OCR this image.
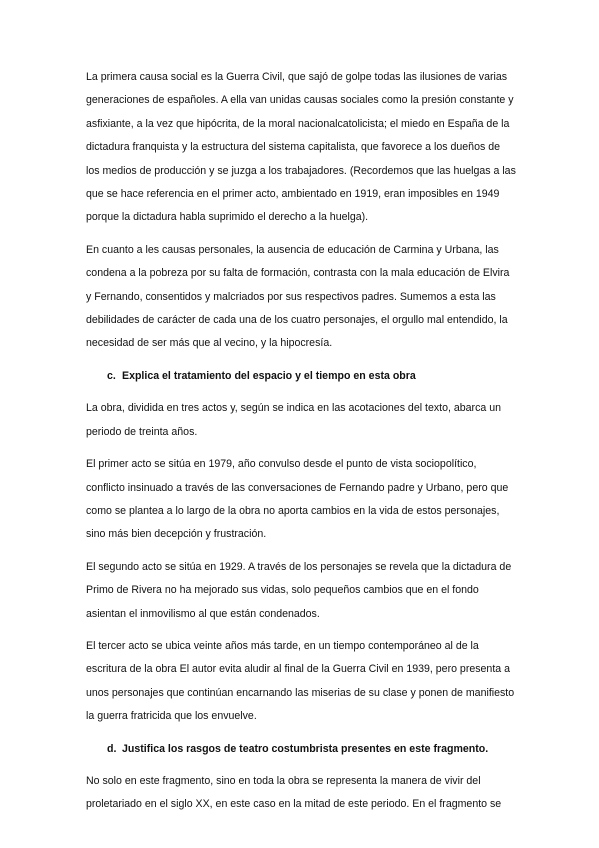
La primera causa social es la Guerra Civil, que sajó de golpe todas las ilusiones de varias generaciones de españoles. A ella van unidas causas sociales como la presión constante y asfixiante, a la vez que hipócrita, de la moral nacionalcatolicista; el miedo en España de la dictadura franquista y la estructura del sistema capitalista, que favorece a los dueños de los medios de producción y se juzga a los trabajadores. (Recordemos que las huelgas a las que se hace referencia en el primer acto, ambientado en 1919, eran imposibles en 1949 porque la dictadura habla suprimido el derecho a la huelga).

En cuanto a les causas personales, la ausencia de educación de Carmina y Urbana, las condena a la pobreza por su falta de formación, contrasta con la mala educación de Elvira y Fernando, consentidos y malcriados por sus respectivos padres. Sumemos a esta las debilidades de carácter de cada una de los cuatro personajes, el orgullo mal entendido, la necesidad de ser más que al vecino, y la hipocresía.

c. Explica el tratamiento del espacio y el tiempo en esta obra

La obra, dividida en tres actos y, según se indica en las acotaciones del texto, abarca un periodo de treinta años.

El primer acto se sitúa en 1979, año convulso desde el punto de vista sociopolítico, conflicto insinuado a través de las conversaciones de Fernando padre y Urbano, pero que como se plantea a lo largo de la obra no aporta cambios en la vida de estos personajes, sino más bien decepción y frustración.

El segundo acto se sitúa en 1929. A través de los personajes se revela que la dictadura de Primo de Rivera no ha mejorado sus vidas, solo pequeños cambios que en el fondo asientan el inmovilismo al que están condenados.

El tercer acto se ubica veinte años más tarde, en un tiempo contemporáneo al de la escritura de la obra El autor evita aludir al final de la Guerra Civil en 1939, pero presenta a unos personajes que continúan encarnando las miserias de su clase y ponen de manifiesto la guerra fratricida que los envuelve.

d. Justifica los rasgos de teatro costumbrista presentes en este fragmento.

No solo en este fragmento, sino en toda la obra se representa la manera de vivir del proletariado en el siglo XX, en este caso en la mitad de este periodo. En el fragmento se
